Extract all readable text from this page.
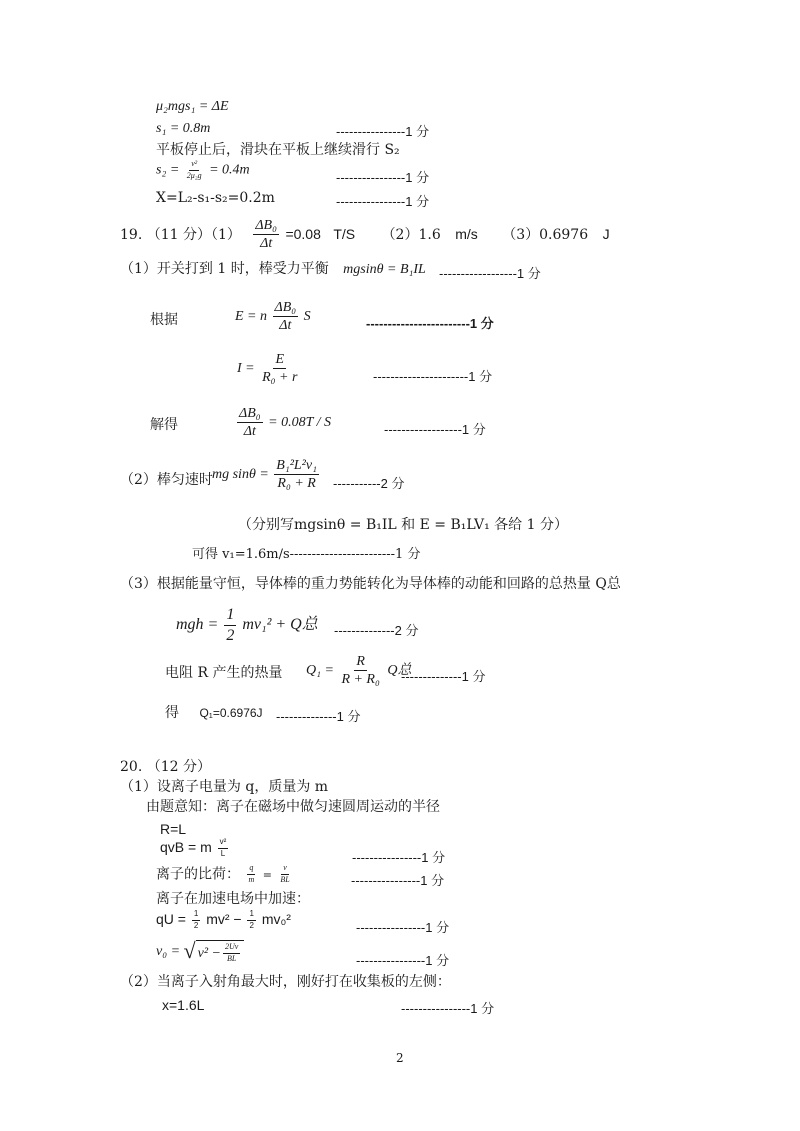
μ₂mgs₁ = ΔE
s₁ = 0.8m	----------------1 分
平板停止后，滑块在平板上继续滑行 S₂
$s_2 = \frac{\text{v²}}{\text{2μ₂g}} = 0.4m$	----------------1 分
X=L₂-s₁-s₂=0.2m	----------------1 分
19. （11 分）$(1) \frac{\text{ΔB₀}}{\Delta t} =0.08$ T/S （2）1.6 m/s （3）0.6976 J
（1）开关打到 1 时，棒受力平衡 mgsinθ = B₁IL ------------------1 分
根据	E = n $\frac{\text{ΔB₀}}{\Delta t}$ S	------------------------1 分
$I = \frac{E}{\text{R₀ + r}}$	----------------------1 分
解得	$\frac{\text{ΔB₀}}{\Delta t} = 0.08T / S$	------------------1 分
（2）棒匀速时 mg $\sin\theta = \frac{\text{B₁²L²v₁}}{\text{R₀ + R}} -----------2$ 分
（分别写mgsinθ = B₁IL 和 E = B₁LV₁ 各给 1 分）
可得 v₁=1.6m/s------------------------1 分
（3）根据能量守恒，导体棒的重力势能转化为导体棒的动能和回路的总热量 Q总
mgh = $\frac{1}{2} mv_1^2 + Q$总 --------------2 分
电阻 R 产生的热量 $Q_1 = \frac{R}{\text{R + R₀}}$ Q总
--------------1 分
得 Q₁=0.6976J --------------1 分
20. （12 分）
（1）设离子电量为 q，质量为 m
由题意知：离子在磁场中做匀速圆周运动的半径
R=L
qvB = m $\frac{\text{v²}}{L}$	----------------1 分
离子的比荷： $\frac{q}{m} = \frac{v}{BL}$	----------------1 分
离子在加速电场中加速：
qU = $\frac{1}{2} mv^2 - \frac{1}{2} mv_0^2$
----------------1 分
v₀ = √ $v^2 - \frac{2Uv}{BL}$	----------------1 分
（2）当离子入射角最大时，刚好打在收集板的左侧：
x=1.6L	----------------1 分
2
